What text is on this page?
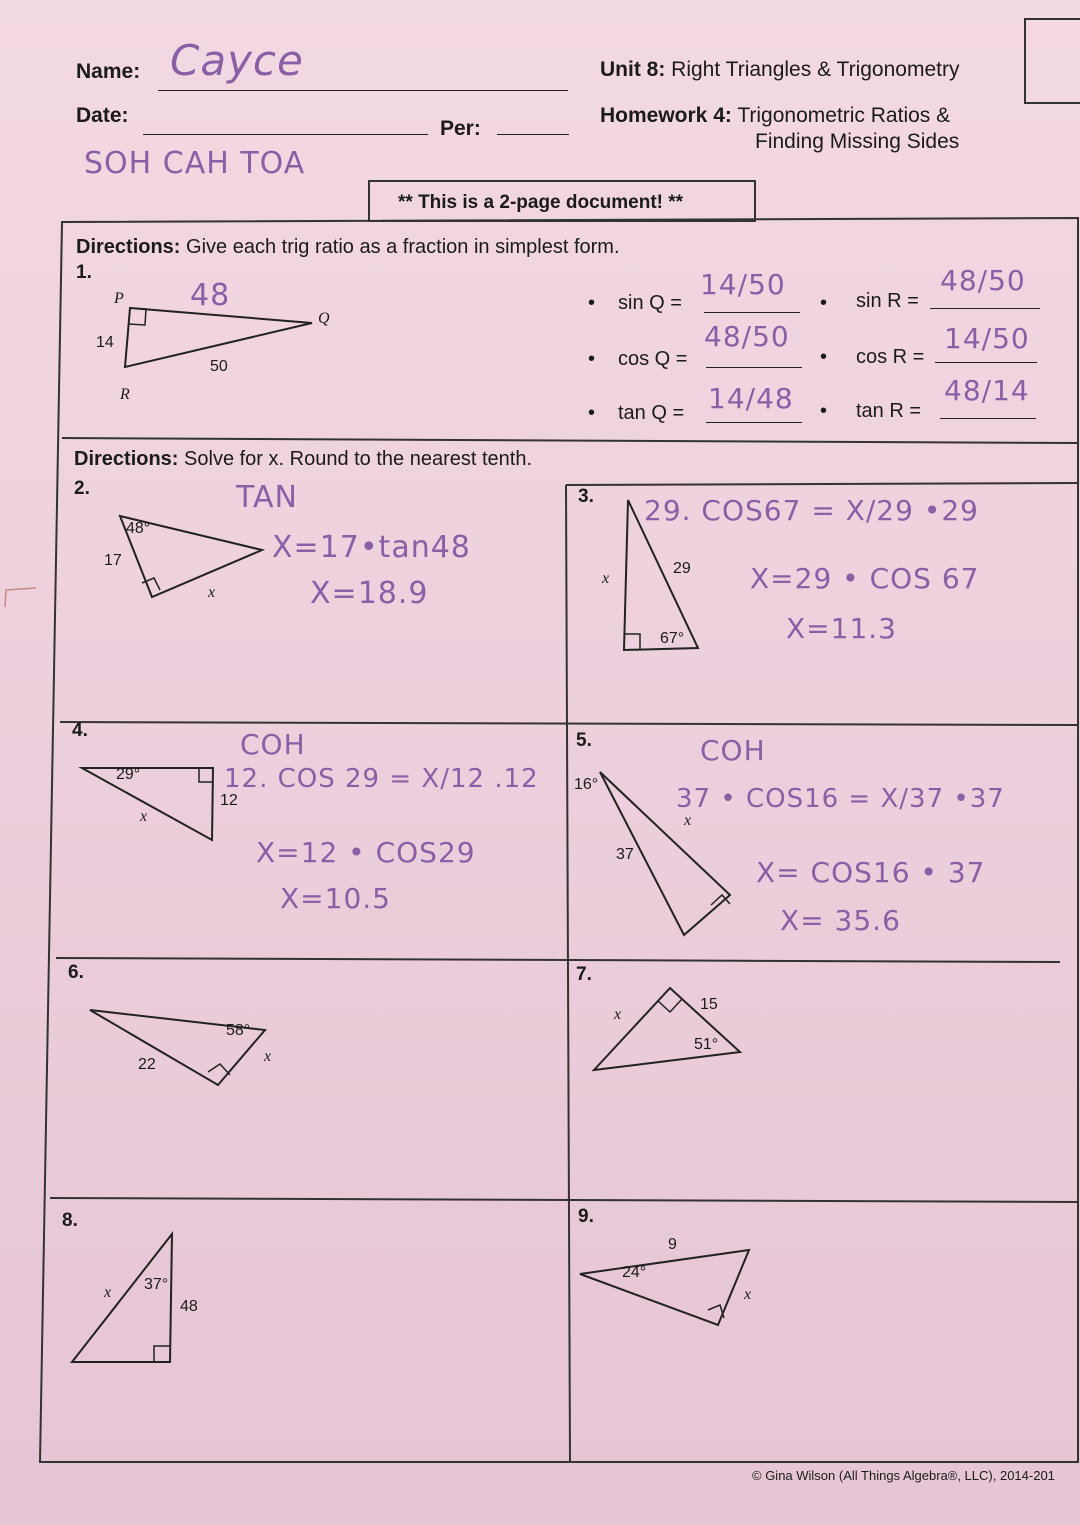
Name: Cayce
Date:
Per:
SOH CAH TOA
Unit 8: Right Triangles & Trigonometry
Homework 4: Trigonometric Ratios &
Finding Missing Sides
** This is a 2-page document! **
Directions: Give each trig ratio as a fraction in simplest form.
1.
P
Q
R
48
14
50
• sin Q =
14/50
• cos Q =
48/50
• tan Q = 14/48
• sin R =
48/50
• cos R =
14/50
• tan R =
48/14
Directions: Solve for x. Round to the nearest tenth.
2.
48°
17
x
TAN
X=17•tan48
X=18.9
3.
67°
29
x
29. COS67 = X/29 •29
X=29 • COS 67
X=11.3
4.
29°
12
x
COH
12. COS 29 = X/12 .12
X=12 • COS29
X=10.5
5.
16°
37
x
COH
37 • COS16 = X/37 •37
X= COS16 • 37
X= 35.6
6.
58°
22	x
7.
51°
15
x
8.
37°
48
x
9.
24°
9
x
© Gina Wilson (All Things Algebra®, LLC), 2014-201
